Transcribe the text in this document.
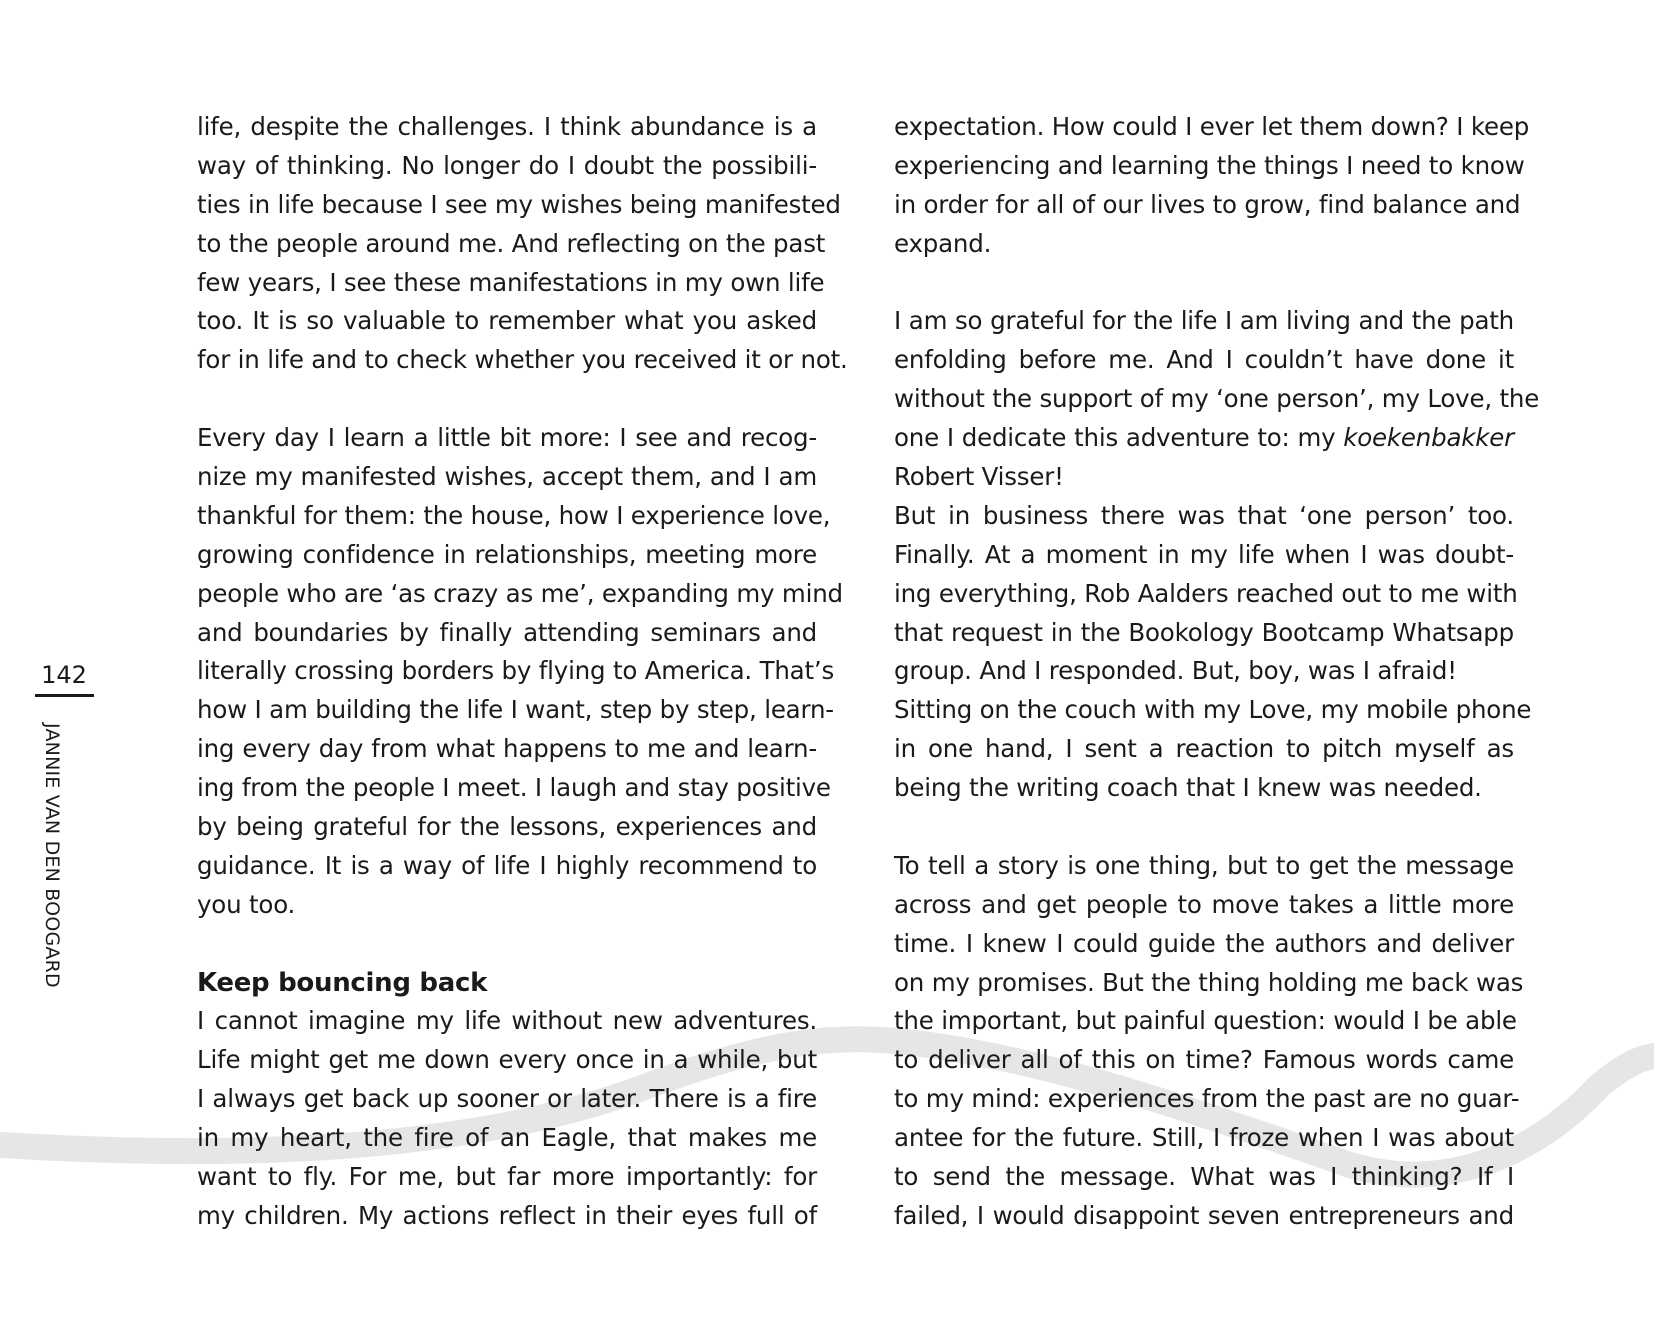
142
JANNIE VAN DEN BOOGARD
life, despite the challenges. I think abundance is a
way of thinking. No longer do I doubt the possibili-
ties in life because I see my wishes being manifested
to the people around me. And reflecting on the past
few years, I see these manifestations in my own life
too. It is so valuable to remember what you asked
for in life and to check whether you received it or not.
Every day I learn a little bit more: I see and recog-
nize my manifested wishes, accept them, and I am
thankful for them: the house, how I experience love,
growing confidence in relationships, meeting more
people who are ‘as crazy as me’, expanding my mind
and boundaries by finally attending seminars and
literally crossing borders by flying to America. That’s
how I am building the life I want, step by step, learn-
ing every day from what happens to me and learn-
ing from the people I meet. I laugh and stay positive
by being grateful for the lessons, experiences and
guidance. It is a way of life I highly recommend to
you too.
Keep bouncing back
I cannot imagine my life without new adventures.
Life might get me down every once in a while, but
I always get back up sooner or later. There is a fire
in my heart, the fire of an Eagle, that makes me
want to fly. For me, but far more importantly: for
my children. My actions reflect in their eyes full of
expectation. How could I ever let them down? I keep
experiencing and learning the things I need to know
in order for all of our lives to grow, find balance and
expand.
I am so grateful for the life I am living and the path
enfolding before me. And I couldn’t have done it
without the support of my ‘one person’, my Love, the
one I dedicate this adventure to: my koekenbakker
Robert Visser!
But in business there was that ‘one person’ too.
Finally. At a moment in my life when I was doubt-
ing everything, Rob Aalders reached out to me with
that request in the Bookology Bootcamp Whatsapp
group. And I responded. But, boy, was I afraid!
Sitting on the couch with my Love, my mobile phone
in one hand, I sent a reaction to pitch myself as
being the writing coach that I knew was needed.
To tell a story is one thing, but to get the message
across and get people to move takes a little more
time. I knew I could guide the authors and deliver
on my promises. But the thing holding me back was
the important, but painful question: would I be able
to deliver all of this on time? Famous words came
to my mind: experiences from the past are no guar-
antee for the future. Still, I froze when I was about
to send the message. What was I thinking? If I
failed, I would disappoint seven entrepreneurs and
